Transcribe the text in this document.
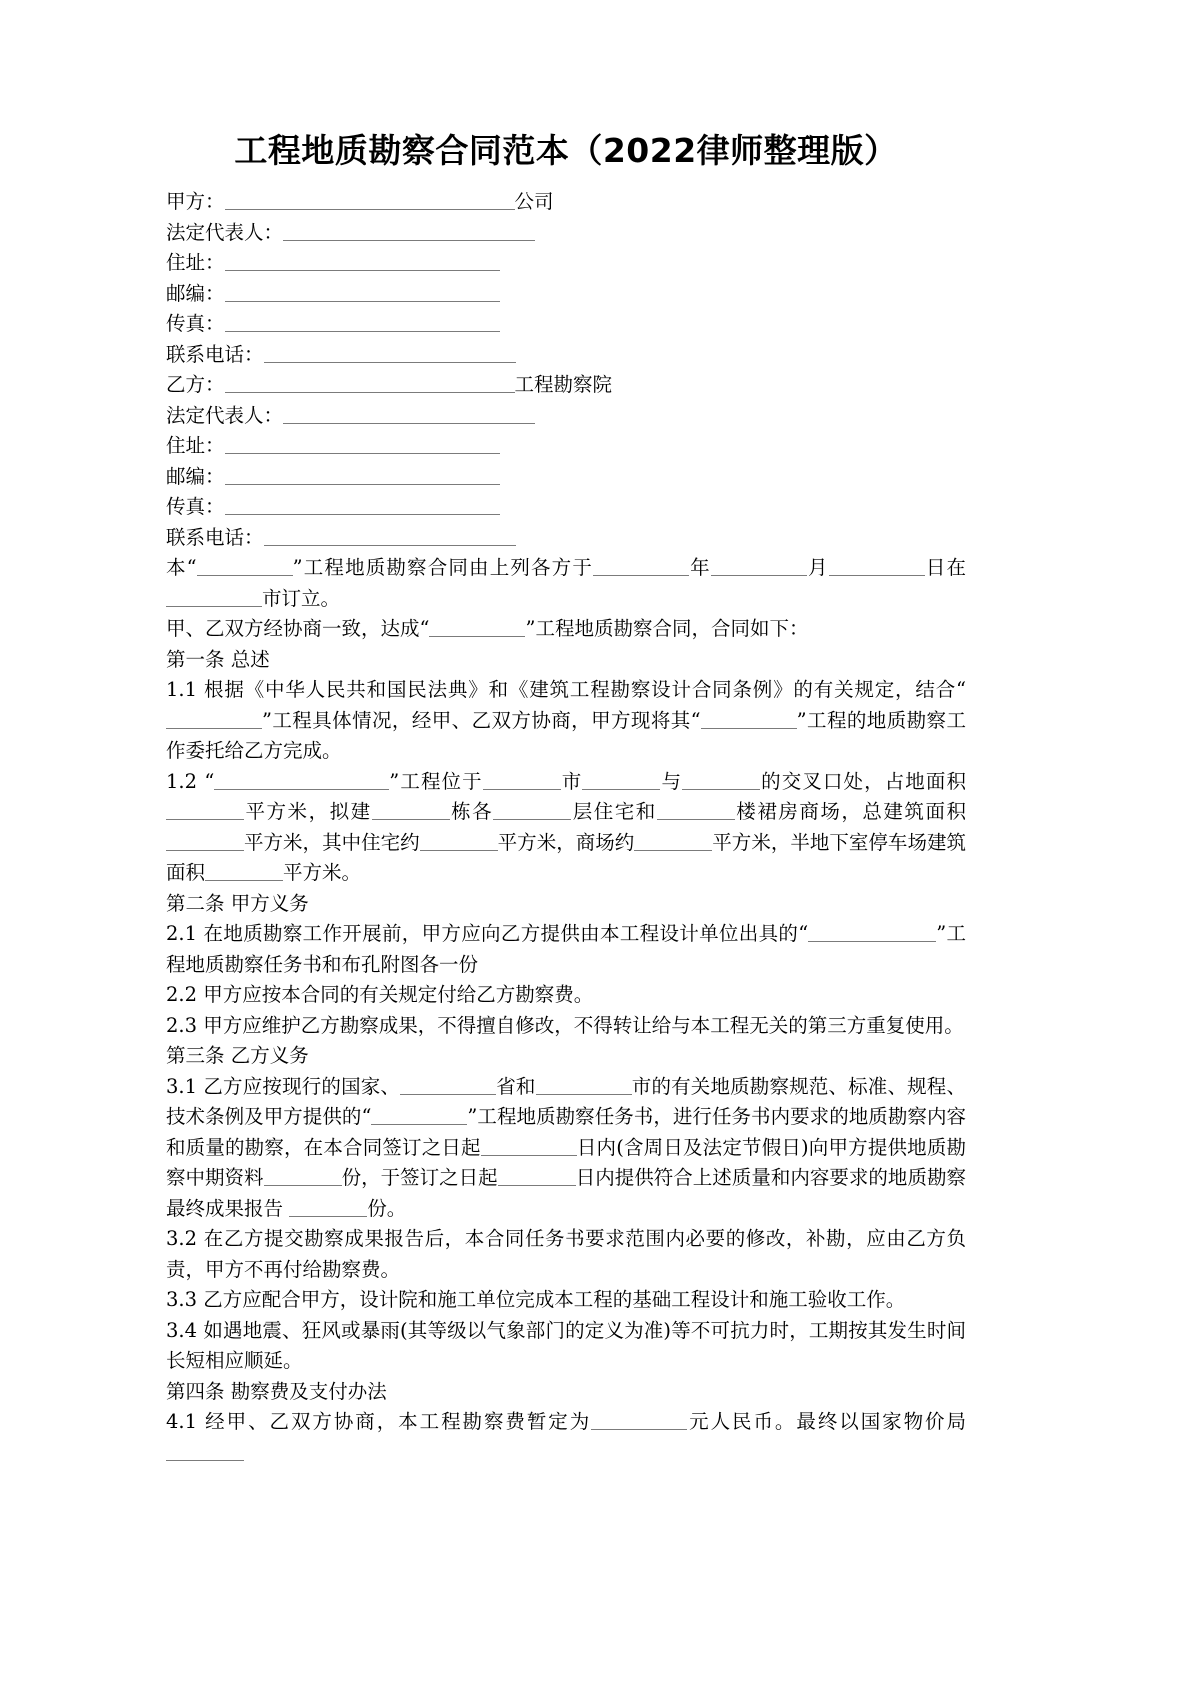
工程地质勘察合同范本（2022律师整理版）

甲方：	公司

法定代表人：

住址：

邮编：

传真：

联系电话：

乙方：	工程勘察院

法定代表人：

住址：

邮编：

传真：

联系电话：

本“	”工程地质勘察合同由上列各方于	年	月	日在市订立。

甲、乙双方经协商一致，达成“	”工程地质勘察合同，合同如下：

第一条 总述

1.1 根据《中华人民共和国民法典》和《建筑工程勘察设计合同条例》的有关规定，结合“”工程具体情况，经甲、乙双方协商，甲方现将其“	”工程的地质勘察工作委托给乙方完成。

1.2 “	”工程位于	市	与	的交叉口处，占地面积 平方米，拟建	栋各	层住宅和	楼裙房商场，总建筑面积平方米，其中住宅约	平方米，商场约	平方米，半地下室停车场建筑面积	平方米。

第二条 甲方义务

2.1 在地质勘察工作开展前，甲方应向乙方提供由本工程设计单位出具的“	”工程地质勘察任务书和布孔附图各一份

2.2 甲方应按本合同的有关规定付给乙方勘察费。

2.3 甲方应维护乙方勘察成果，不得擅自修改，不得转让给与本工程无关的第三方重复使用。

第三条 乙方义务

3.1 乙方应按现行的国家、	省和	市的有关地质勘察规范、标准、规程、技术条例及甲方提供的“	”工程地质勘察任务书，进行任务书内要求的地质勘察内容和质量的勘察，在本合同签订之日起	日内(含周日及法定节假日)向甲方提供地质勘察中期资料	份，于签订之日起	日内提供符合上述质量和内容要求的地质勘察最终成果报告	份。

3.2 在乙方提交勘察成果报告后，本合同任务书要求范围内必要的修改，补勘，应由乙方负责，甲方不再付给勘察费。

3.3 乙方应配合甲方，设计院和施工单位完成本工程的基础工程设计和施工验收工作。

3.4 如遇地震、狂风或暴雨(其等级以气象部门的定义为准)等不可抗力时，工期按其发生时间长短相应顺延。

第四条 勘察费及支付办法

4.1 经甲、乙双方协商，本工程勘察费暂定为	元人民币。最终以国家物价局
